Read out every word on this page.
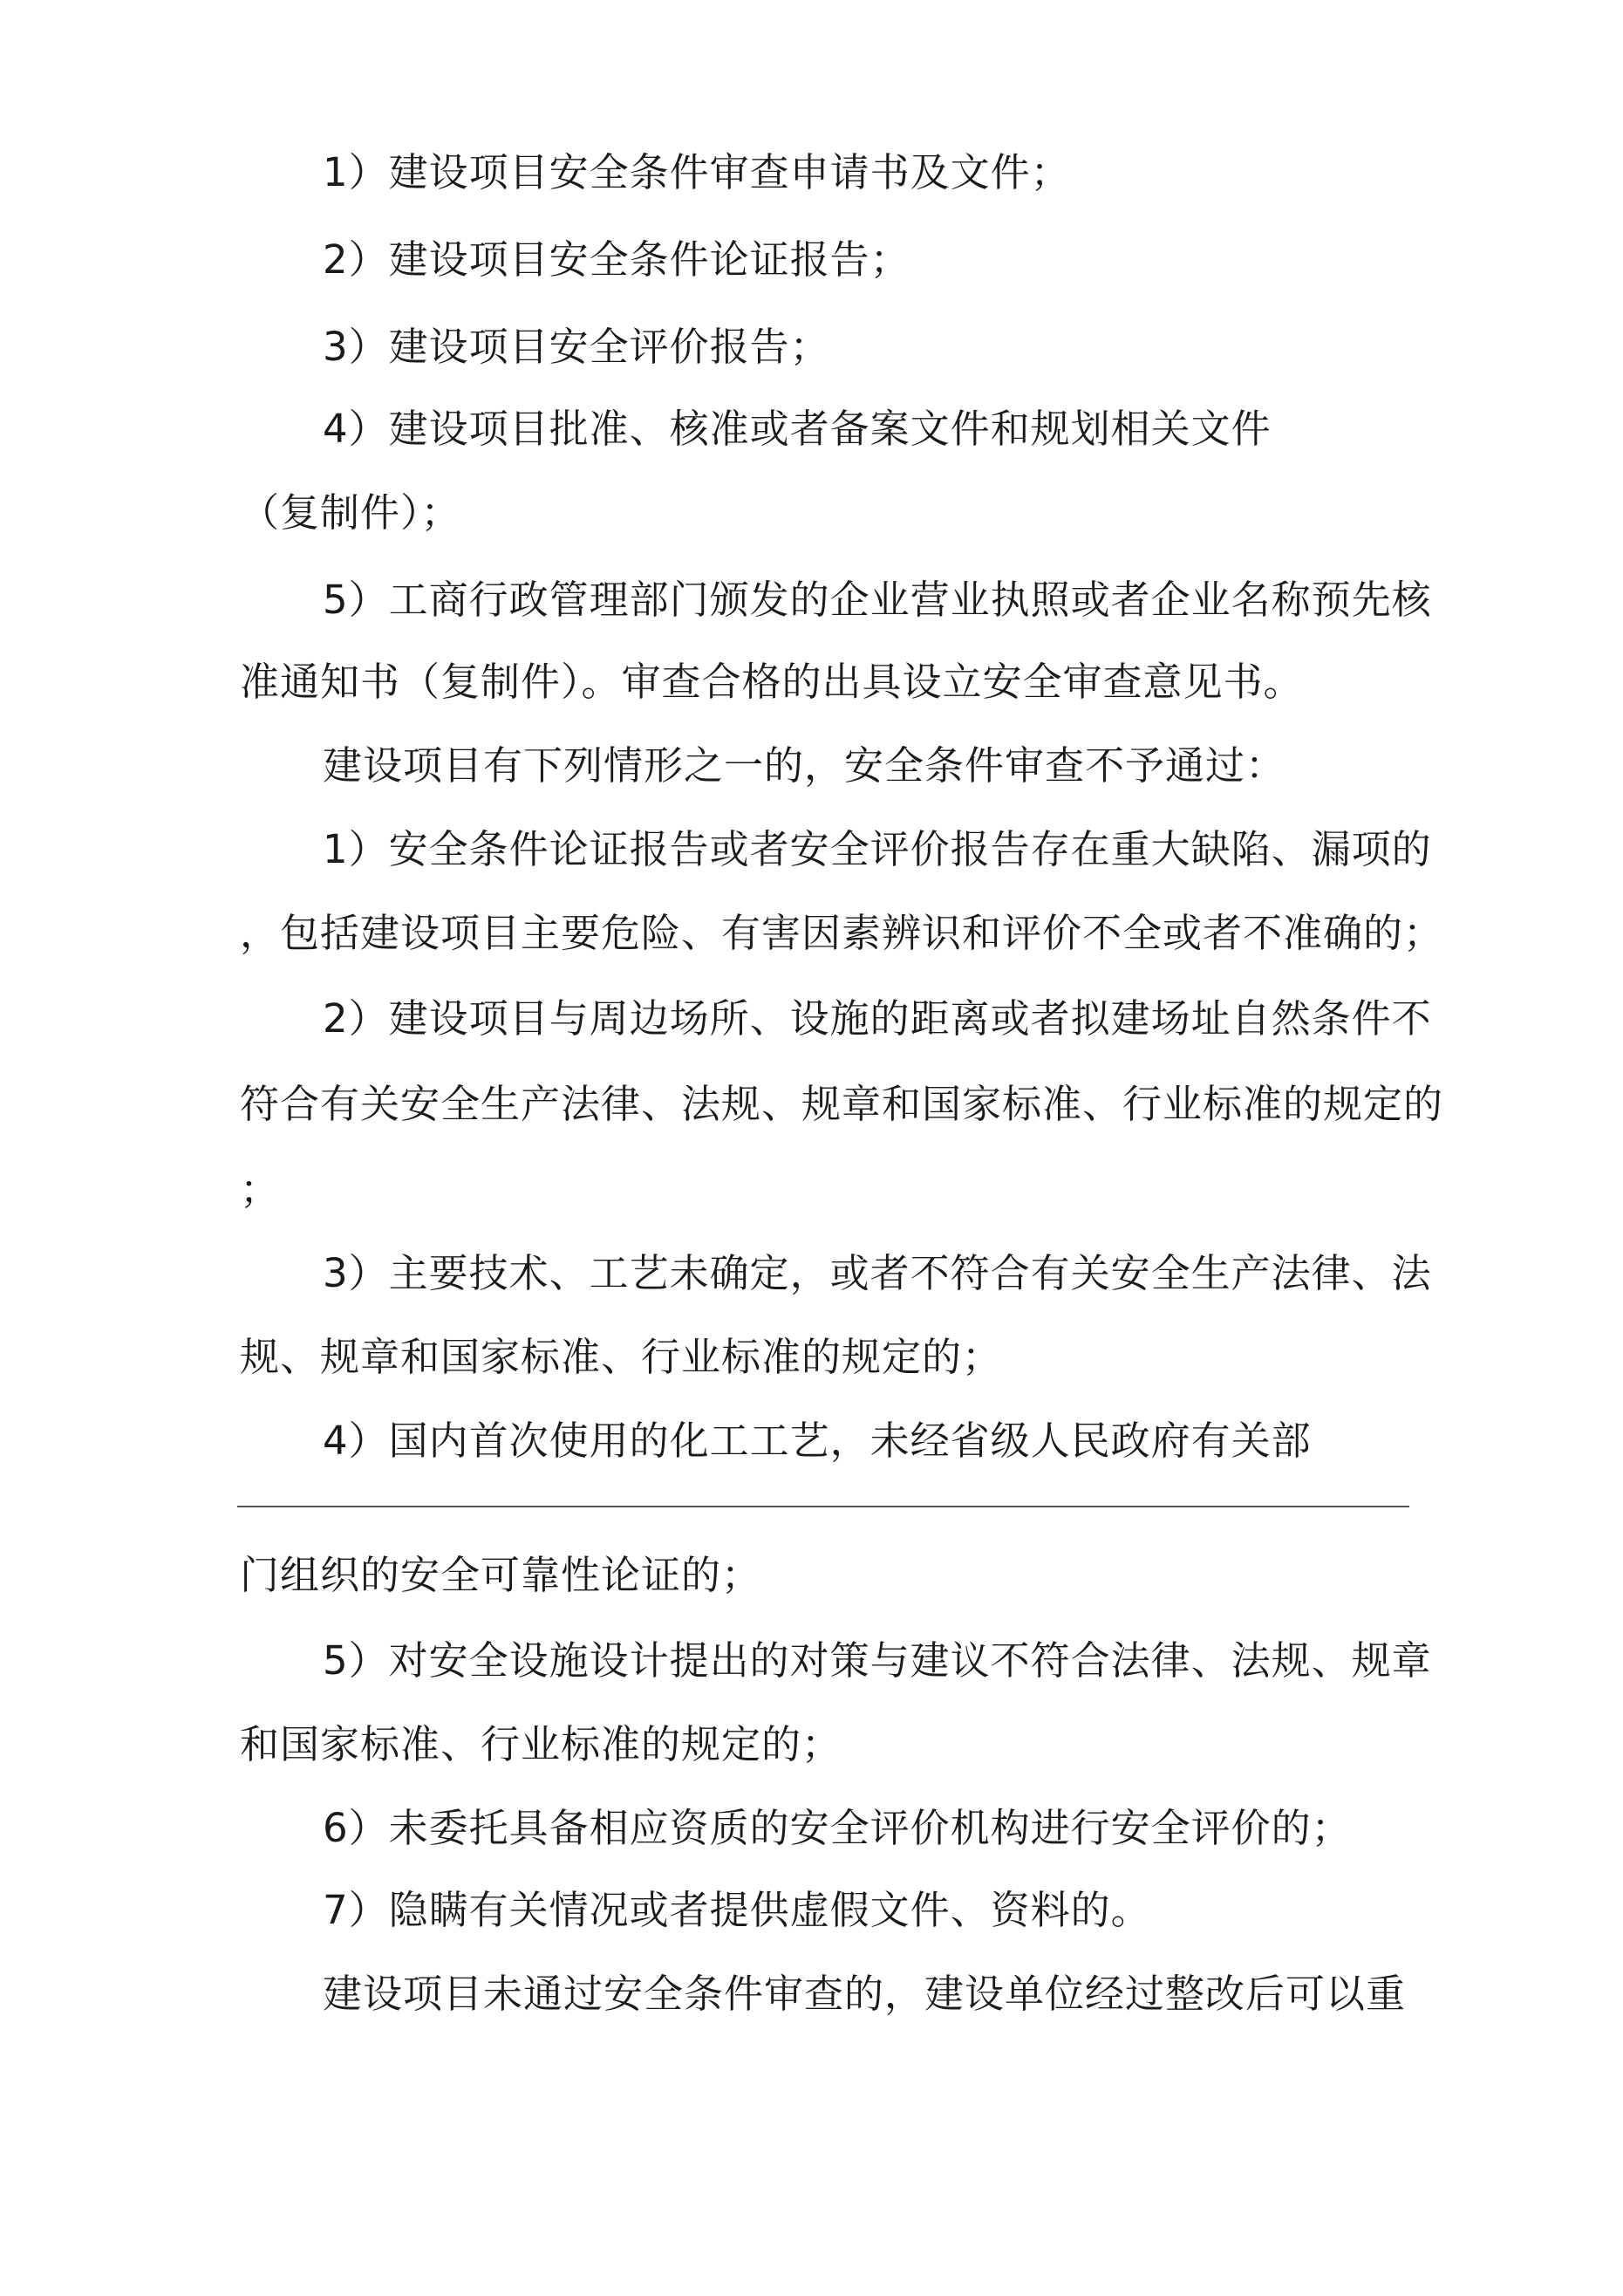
1）建设项目安全条件审查申请书及文件；
2）建设项目安全条件论证报告；
3）建设项目安全评价报告；
4）建设项目批准、核准或者备案文件和规划相关文件
（复制件）；
5）工商行政管理部门颁发的企业营业执照或者企业名称预先核
准通知书（复制件）。审查合格的出具设立安全审查意见书。
建设项目有下列情形之一的，安全条件审查不予通过：
1）安全条件论证报告或者安全评价报告存在重大缺陷、漏项的
，包括建设项目主要危险、有害因素辨识和评价不全或者不准确的；
2）建设项目与周边场所、设施的距离或者拟建场址自然条件不
符合有关安全生产法律、法规、规章和国家标准、行业标准的规定的
；
3）主要技术、工艺未确定，或者不符合有关安全生产法律、法
规、规章和国家标准、行业标准的规定的；
4）国内首次使用的化工工艺，未经省级人民政府有关部
门组织的安全可靠性论证的；
5）对安全设施设计提出的对策与建议不符合法律、法规、规章
和国家标准、行业标准的规定的；
6）未委托具备相应资质的安全评价机构进行安全评价的；
7）隐瞒有关情况或者提供虚假文件、资料的。
建设项目未通过安全条件审查的，建设单位经过整改后可以重
